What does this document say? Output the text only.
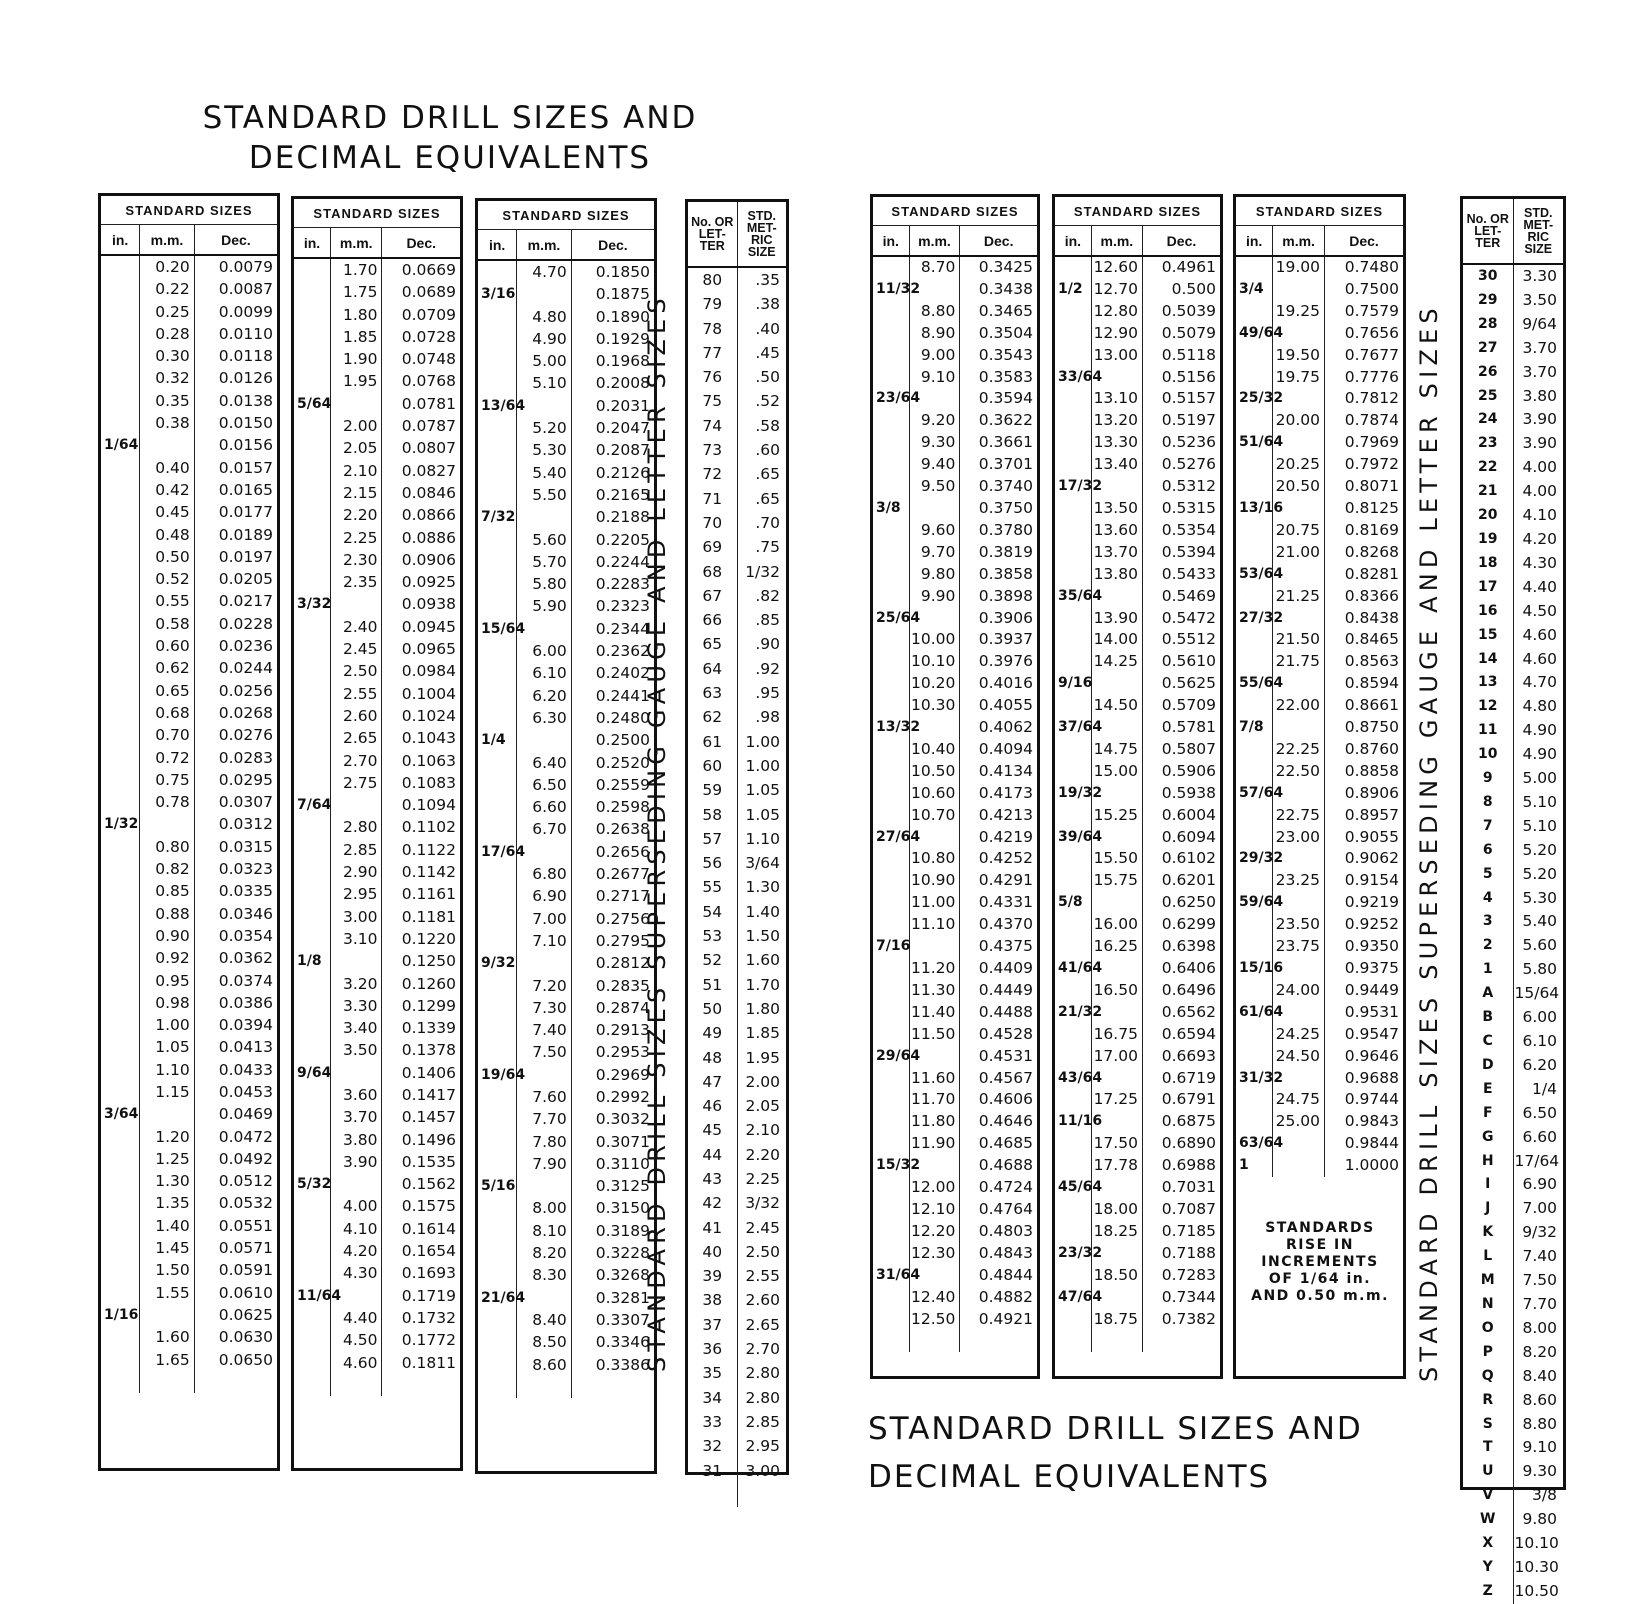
STANDARD DRILL SIZES AND
DECIMAL EQUIVALENTS
STANDARD DRILL SIZES AND
DECIMAL EQUIVALENTS
STANDARD SIZES		
in.	m.m.	Dec.
	0.20	0.0079
	0.22	0.0087
	0.25	0.0099
	0.28	0.0110
	0.30	0.0118
	0.32	0.0126
	0.35	0.0138
	0.38	0.0150
1/64		0.0156
	0.40	0.0157
	0.42	0.0165
	0.45	0.0177
	0.48	0.0189
	0.50	0.0197
	0.52	0.0205
	0.55	0.0217
	0.58	0.0228
	0.60	0.0236
	0.62	0.0244
	0.65	0.0256
	0.68	0.0268
	0.70	0.0276
	0.72	0.0283
	0.75	0.0295
	0.78	0.0307
1/32		0.0312
	0.80	0.0315
	0.82	0.0323
	0.85	0.0335
	0.88	0.0346
	0.90	0.0354
	0.92	0.0362
	0.95	0.0374
	0.98	0.0386
	1.00	0.0394
	1.05	0.0413
	1.10	0.0433
	1.15	0.0453
3/64		0.0469
	1.20	0.0472
	1.25	0.0492
	1.30	0.0512
	1.35	0.0532
	1.40	0.0551
	1.45	0.0571
	1.50	0.0591
	1.55	0.0610
1/16		0.0625
	1.60	0.0630
	1.65	0.0650

STANDARD SIZES		
in.	m.m.	Dec.
	1.70	0.0669
	1.75	0.0689
	1.80	0.0709
	1.85	0.0728
	1.90	0.0748
	1.95	0.0768
5/64		0.0781
	2.00	0.0787
	2.05	0.0807
	2.10	0.0827
	2.15	0.0846
	2.20	0.0866
	2.25	0.0886
	2.30	0.0906
	2.35	0.0925
3/32		0.0938
	2.40	0.0945
	2.45	0.0965
	2.50	0.0984
	2.55	0.1004
	2.60	0.1024
	2.65	0.1043
	2.70	0.1063
	2.75	0.1083
7/64		0.1094
	2.80	0.1102
	2.85	0.1122
	2.90	0.1142
	2.95	0.1161
	3.00	0.1181
	3.10	0.1220
1/8		0.1250
	3.20	0.1260
	3.30	0.1299
	3.40	0.1339
	3.50	0.1378
9/64		0.1406
	3.60	0.1417
	3.70	0.1457
	3.80	0.1496
	3.90	0.1535
5/32		0.1562
	4.00	0.1575
	4.10	0.1614
	4.20	0.1654
	4.30	0.1693
11/64		0.1719
	4.40	0.1732
	4.50	0.1772
	4.60	0.1811

STANDARD SIZES		
in.	m.m.	Dec.
	4.70	0.1850
3/16		0.1875
	4.80	0.1890
	4.90	0.1929
	5.00	0.1968
	5.10	0.2008
13/64		0.2031
	5.20	0.2047
	5.30	0.2087
	5.40	0.2126
	5.50	0.2165
7/32		0.2188
	5.60	0.2205
	5.70	0.2244
	5.80	0.2283
	5.90	0.2323
15/64		0.2344
	6.00	0.2362
	6.10	0.2402
	6.20	0.2441
	6.30	0.2480
1/4		0.2500
	6.40	0.2520
	6.50	0.2559
	6.60	0.2598
	6.70	0.2638
17/64		0.2656
	6.80	0.2677
	6.90	0.2717
	7.00	0.2756
	7.10	0.2795
9/32		0.2812
	7.20	0.2835
	7.30	0.2874
	7.40	0.2913
	7.50	0.2953
19/64		0.2969
	7.60	0.2992
	7.70	0.3032
	7.80	0.3071
	7.90	0.3110
5/16		0.3125
	8.00	0.3150
	8.10	0.3189
	8.20	0.3228
	8.30	0.3268
21/64		0.3281
	8.40	0.3307
	8.50	0.3346
	8.60	0.3386

STANDARD SIZES		
in.	m.m.	Dec.
	8.70	0.3425
11/32		0.3438
	8.80	0.3465
	8.90	0.3504
	9.00	0.3543
	9.10	0.3583
23/64		0.3594
	9.20	0.3622
	9.30	0.3661
	9.40	0.3701
	9.50	0.3740
3/8		0.3750
	9.60	0.3780
	9.70	0.3819
	9.80	0.3858
	9.90	0.3898
25/64		0.3906
	10.00	0.3937
	10.10	0.3976
	10.20	0.4016
	10.30	0.4055
13/32		0.4062
	10.40	0.4094
	10.50	0.4134
	10.60	0.4173
	10.70	0.4213
27/64		0.4219
	10.80	0.4252
	10.90	0.4291
	11.00	0.4331
	11.10	0.4370
7/16		0.4375
	11.20	0.4409
	11.30	0.4449
	11.40	0.4488
	11.50	0.4528
29/64		0.4531
	11.60	0.4567
	11.70	0.4606
	11.80	0.4646
	11.90	0.4685
15/32		0.4688
	12.00	0.4724
	12.10	0.4764
	12.20	0.4803
	12.30	0.4843
31/64		0.4844
	12.40	0.4882
	12.50	0.4921

STANDARD SIZES		
in.	m.m.	Dec.
	12.60	0.4961
1/2	12.70	0.500
	12.80	0.5039
	12.90	0.5079
	13.00	0.5118
33/64		0.5156
	13.10	0.5157
	13.20	0.5197
	13.30	0.5236
	13.40	0.5276
17/32		0.5312
	13.50	0.5315
	13.60	0.5354
	13.70	0.5394
	13.80	0.5433
35/64		0.5469
	13.90	0.5472
	14.00	0.5512
	14.25	0.5610
9/16		0.5625
	14.50	0.5709
37/64		0.5781
	14.75	0.5807
	15.00	0.5906
19/32		0.5938
	15.25	0.6004
39/64		0.6094
	15.50	0.6102
	15.75	0.6201
5/8		0.6250
	16.00	0.6299
	16.25	0.6398
41/64		0.6406
	16.50	0.6496
21/32		0.6562
	16.75	0.6594
	17.00	0.6693
43/64		0.6719
	17.25	0.6791
11/16		0.6875
	17.50	0.6890
	17.78	0.6988
45/64		0.7031
	18.00	0.7087
	18.25	0.7185
23/32		0.7188
	18.50	0.7283
47/64		0.7344
	18.75	0.7382

STANDARD SIZES		
in.	m.m.	Dec.
	19.00	0.7480
3/4		0.7500
	19.25	0.7579
49/64		0.7656
	19.50	0.7677
	19.75	0.7776
25/32		0.7812
	20.00	0.7874
51/64		0.7969
	20.25	0.7972
	20.50	0.8071
13/16		0.8125
	20.75	0.8169
	21.00	0.8268
53/64		0.8281
	21.25	0.8366
27/32		0.8438
	21.50	0.8465
	21.75	0.8563
55/64		0.8594
	22.00	0.8661
7/8		0.8750
	22.25	0.8760
	22.50	0.8858
57/64		0.8906
	22.75	0.8957
	23.00	0.9055
29/32		0.9062
	23.25	0.9154
59/64		0.9219
	23.50	0.9252
	23.75	0.9350
15/16		0.9375
	24.00	0.9449
61/64		0.9531
	24.25	0.9547
	24.50	0.9646
31/32		0.9688
	24.75	0.9744
	25.00	0.9843
63/64		0.9844
1		1.0000
No. OR LET- TER	STD. MET- RIC SIZE
80	.35
79	.38
78	.40
77	.45
76	.50
75	.52
74	.58
73	.60
72	.65
71	.65
70	.70
69	.75
68	1/32
67	.82
66	.85
65	.90
64	.92
63	.95
62	.98
61	1.00
60	1.00
59	1.05
58	1.05
57	1.10
56	3/64
55	1.30
54	1.40
53	1.50
52	1.60
51	1.70
50	1.80
49	1.85
48	1.95
47	2.00
46	2.05
45	2.10
44	2.20
43	2.25
42	3/32
41	2.45
40	2.50
39	2.55
38	2.60
37	2.65
36	2.70
35	2.80
34	2.80
33	2.85
32	2.95
31	3.00

No. OR LET- TER	STD. MET- RIC SIZE
30	3.30
29	3.50
28	9/64
27	3.70
26	3.70
25	3.80
24	3.90
23	3.90
22	4.00
21	4.00
20	4.10
19	4.20
18	4.30
17	4.40
16	4.50
15	4.60
14	4.60
13	4.70
12	4.80
11	4.90
10	4.90
9	5.00
8	5.10
7	5.10
6	5.20
5	5.20
4	5.30
3	5.40
2	5.60
1	5.80
A	15/64
B	6.00
C	6.10
D	6.20
E	1/4
F	6.50
G	6.60
H	17/64
I	6.90
J	7.00
K	9/32
L	7.40
M	7.50
N	7.70
O	8.00
P	8.20
Q	8.40
R	8.60
S	8.80
T	9.10
U	9.30
V	3/8
W	9.80
X	10.10
Y	10.30
Z	10.50
STANDARD DRILL SIZES SUPERSEDING GAUGE AND LETTER SIZES	STANDARD DRILL SIZES SUPERSEDING GAUGE AND LETTER SIZES
STANDARDS
RISE IN
INCREMENTS
OF 1/64 in.
AND 0.50 m.m.
